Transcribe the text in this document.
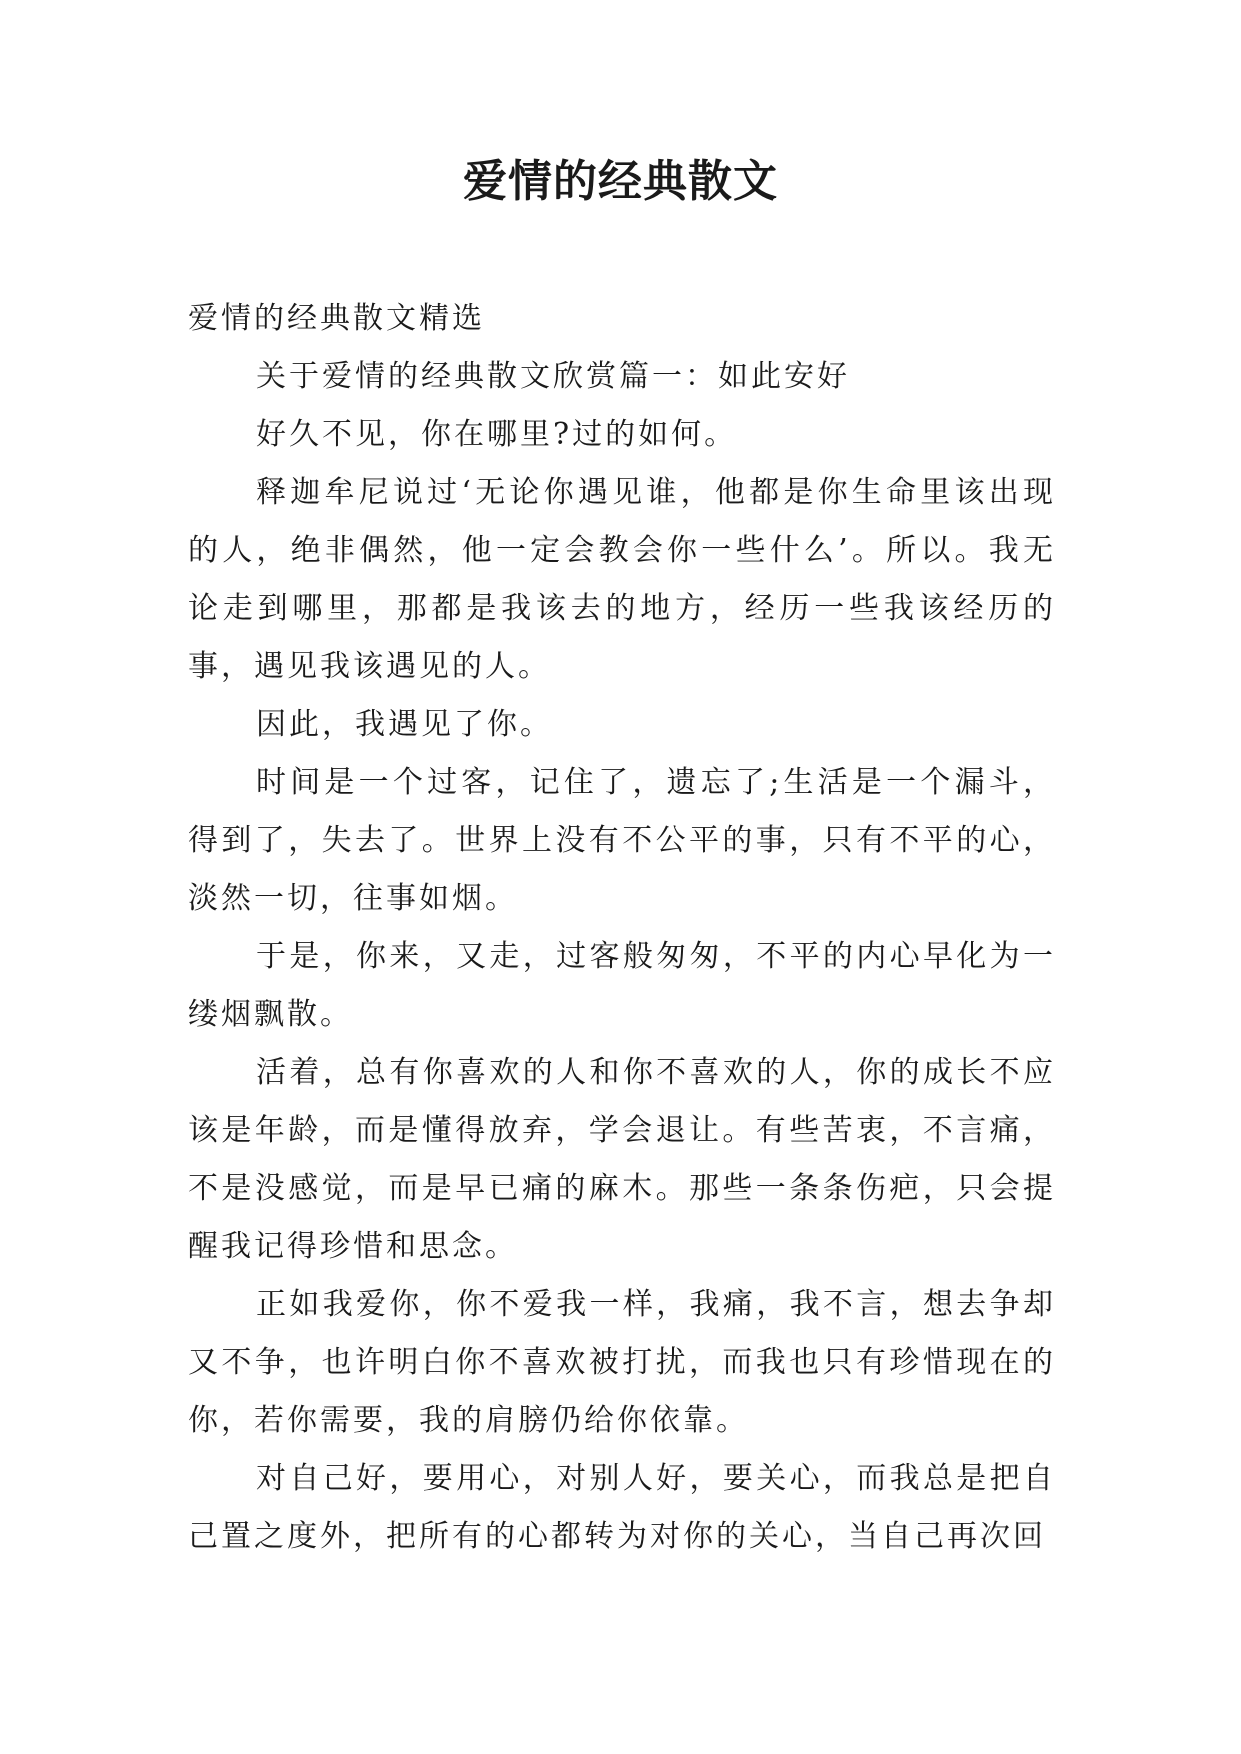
爱情的经典散文

爱情的经典散文精选

关于爱情的经典散文欣赏篇一：如此安好

好久不见，你在哪里?过的如何。

释迦牟尼说过‘无论你遇见谁，他都是你生命里该出现的人，绝非偶然，他一定会教会你一些什么’。所以。我无论走到哪里，那都是我该去的地方，经历一些我该经历的事，遇见我该遇见的人。

因此，我遇见了你。

时间是一个过客，记住了，遗忘了;生活是一个漏斗，得到了，失去了。世界上没有不公平的事，只有不平的心，淡然一切，往事如烟。

于是，你来，又走，过客般匆匆，不平的内心早化为一缕烟飘散。

活着，总有你喜欢的人和你不喜欢的人，你的成长不应该是年龄，而是懂得放弃，学会退让。有些苦衷，不言痛，不是没感觉，而是早已痛的麻木。那些一条条伤疤，只会提醒我记得珍惜和思念。

正如我爱你，你不爱我一样，我痛，我不言，想去争却又不争，也许明白你不喜欢被打扰，而我也只有珍惜现在的你，若你需要，我的肩膀仍给你依靠。

对自己好，要用心，对别人好，要关心，而我总是把自己置之度外，把所有的心都转为对你的关心，当自己再次回
